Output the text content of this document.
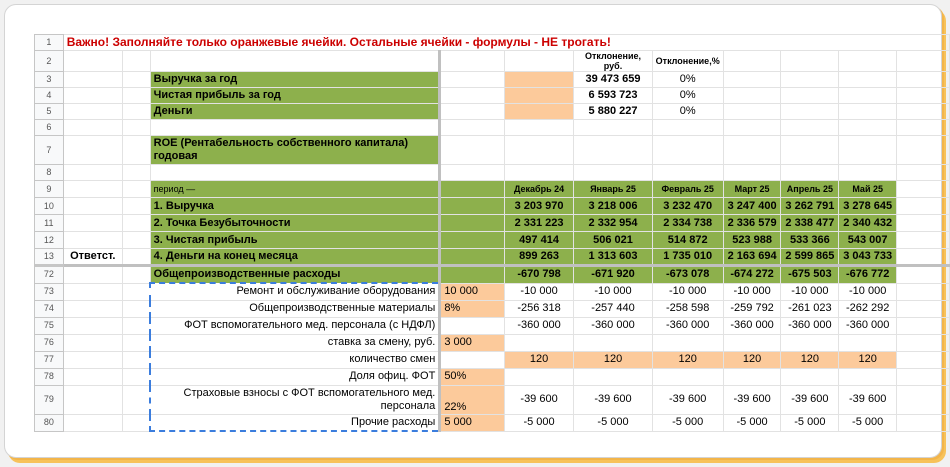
1	Важно! Заполняйте только оранжевые ячейки. Остальные ячейки - формулы - НЕ трогать!										
2						Отклонение, руб.	Отклонение,%				
3			Выручка за год			39 473 659	0%				
4			Чистая прибыль за год			6 593 723	0%				
5			Деньги			5 880 227	0%				
6											
7			ROE (Рентабельность собственного капитала) годовая								
8											
9			период —		Декабрь 24	Январь 25	Февраль 25	Март 25	Апрель 25	Май 25	
10			1. Выручка		3 203 970	3 218 006	3 232 470	3 247 400	3 262 791	3 278 645	
11			2. Точка Безубыточности		2 331 223	2 332 954	2 334 738	2 336 579	2 338 477	2 340 432	
12			3. Чистая прибыль		497 414	506 021	514 872	523 988	533 366	543 007	
13	Ответст.		4. Деньги на конец месяца		899 263	1 313 603	1 735 010	2 163 694	2 599 865	3 043 733	
72			Общепроизводственные расходы		-670 798	-671 920	-673 078	-674 272	-675 503	-676 772	
73			Ремонт и обслуживание оборудования	10 000	-10 000	-10 000	-10 000	-10 000	-10 000	-10 000	
74			Общепроизводственные материалы	8%	-256 318	-257 440	-258 598	-259 792	-261 023	-262 292	
75			ФОТ вспомогательного мед. персонала (с НДФЛ)		-360 000	-360 000	-360 000	-360 000	-360 000	-360 000	
76			ставка за смену, руб.	3 000							
77			количество смен		120	120	120	120	120	120	
78			Доля офиц. ФОТ	50%							
79			Страховые взносы с ФОТ вспомогательного мед. персонала	22%	-39 600	-39 600	-39 600	-39 600	-39 600	-39 600	
80			Прочие расходы	5 000	-5 000	-5 000	-5 000	-5 000	-5 000	-5 000	
